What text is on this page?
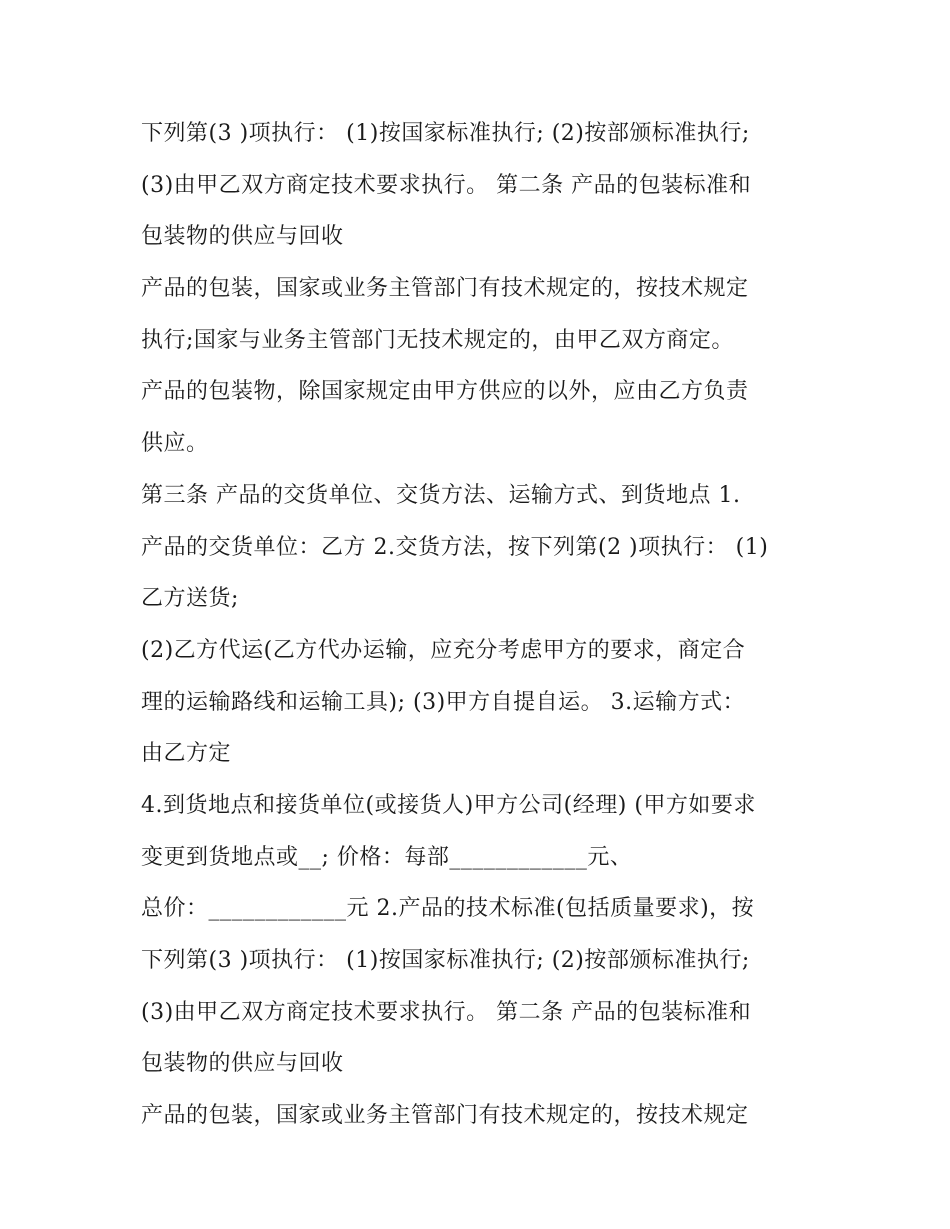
下列第(3 )项执行： (1)按国家标准执行; (2)按部颁标准执行;
(3)由甲乙双方商定技术要求执行。 第二条 产品的包装标准和
包装物的供应与回收
产品的包装，国家或业务主管部门有技术规定的，按技术规定
执行;国家与业务主管部门无技术规定的，由甲乙双方商定。
产品的包装物，除国家规定由甲方供应的以外，应由乙方负责
供应。
第三条 产品的交货单位、交货方法、运输方式、到货地点 1.
产品的交货单位：乙方 2.交货方法，按下列第(2 )项执行： (1)
乙方送货;
(2)乙方代运(乙方代办运输，应充分考虑甲方的要求，商定合
理的运输路线和运输工具); (3)甲方自提自运。 3.运输方式：
由乙方定
4.到货地点和接货单位(或接货人)甲方公司(经理) (甲方如要求
变更到货地点或__; 价格：每部____________元、
总价：____________元 2.产品的技术标准(包括质量要求)，按
下列第(3 )项执行： (1)按国家标准执行; (2)按部颁标准执行;
(3)由甲乙双方商定技术要求执行。 第二条 产品的包装标准和
包装物的供应与回收
产品的包装，国家或业务主管部门有技术规定的，按技术规定
